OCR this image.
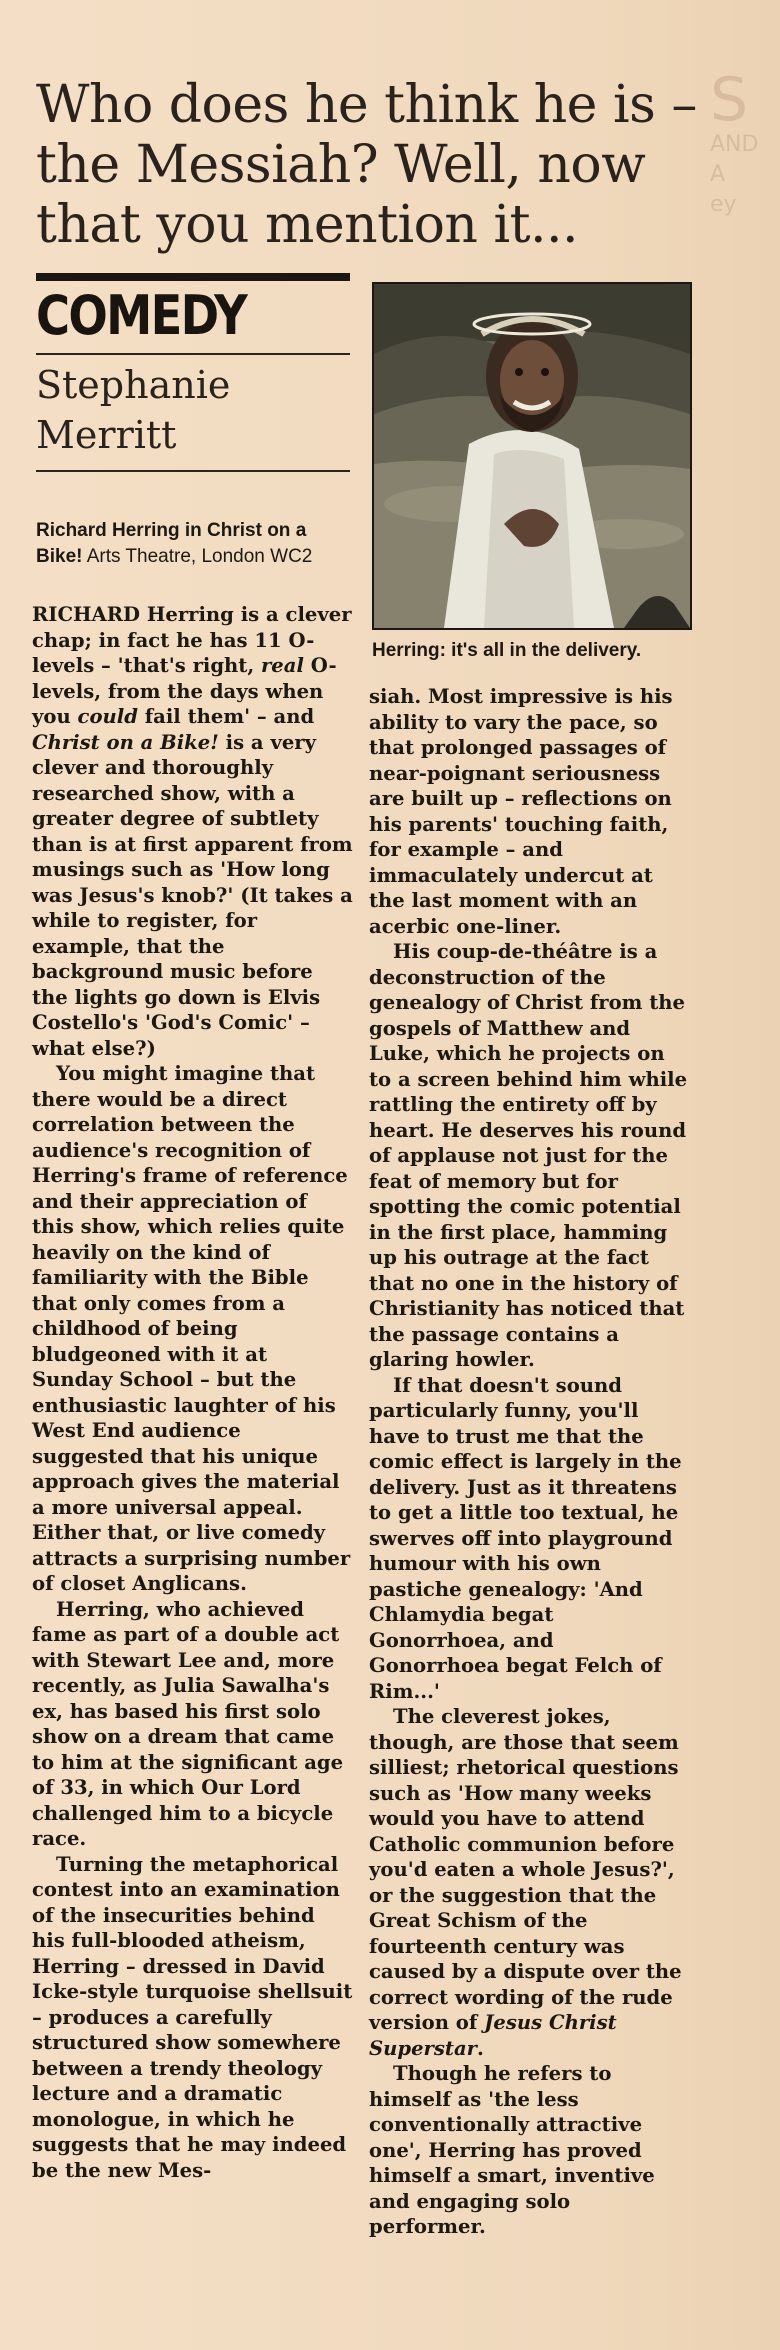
S
AND
A
ey
Who does he think he is –
the Messiah? Well, now
that you mention it...
COMEDY
Stephanie
Merritt
Richard Herring in Christ on a Bike! Arts Theatre, London WC2
Herring: it's all in the delivery.

RICHARD Herring is a clever chap; in fact he has 11 O-levels – 'that's right, real O-levels, from the days when you could fail them' – and Christ on a Bike! is a very clever and thoroughly researched show, with a greater degree of subtlety than is at first apparent from musings such as 'How long was Jesus's knob?' (It takes a while to register, for example, that the background music before the lights go down is Elvis Costello's 'God's Comic' – what else?)

You might imagine that there would be a direct correlation between the audience's recognition of Herring's frame of reference and their appreciation of this show, which relies quite heavily on the kind of familiarity with the Bible that only comes from a childhood of being bludgeoned with it at Sunday School – but the enthusiastic laughter of his West End audience suggested that his unique approach gives the material a more universal appeal. Either that, or live comedy attracts a surprising number of closet Anglicans.

Herring, who achieved fame as part of a double act with Stewart Lee and, more recently, as Julia Sawalha's ex, has based his first solo show on a dream that came to him at the significant age of 33, in which Our Lord challenged him to a bicycle race.

Turning the metaphorical contest into an examination of the insecurities behind his full-blooded atheism, Herring – dressed in David Icke-style turquoise shellsuit – produces a carefully structured show somewhere between a trendy theology lecture and a dramatic monologue, in which he suggests that he may indeed be the new Mes-

siah. Most impressive is his ability to vary the pace, so that prolonged passages of near-poignant seriousness are built up – reflections on his parents' touching faith, for example – and immaculately undercut at the last moment with an acerbic one-liner.

His coup-de-théâtre is a deconstruction of the genealogy of Christ from the gospels of Matthew and Luke, which he projects on to a screen behind him while rattling the entirety off by heart. He deserves his round of applause not just for the feat of memory but for spotting the comic potential in the first place, hamming up his outrage at the fact that no one in the history of Christianity has noticed that the passage contains a glaring howler.

If that doesn't sound particularly funny, you'll have to trust me that the comic effect is largely in the delivery. Just as it threatens to get a little too textual, he swerves off into playground humour with his own pastiche genealogy: 'And Chlamydia begat Gonorrhoea, and Gonorrhoea begat Felch of Rim...'

The cleverest jokes, though, are those that seem silliest; rhetorical questions such as 'How many weeks would you have to attend Catholic communion before you'd eaten a whole Jesus?', or the suggestion that the Great Schism of the fourteenth century was caused by a dispute over the correct wording of the rude version of Jesus Christ Superstar.

Though he refers to himself as 'the less conventionally attractive one', Herring has proved himself a smart, inventive and engaging solo performer.
